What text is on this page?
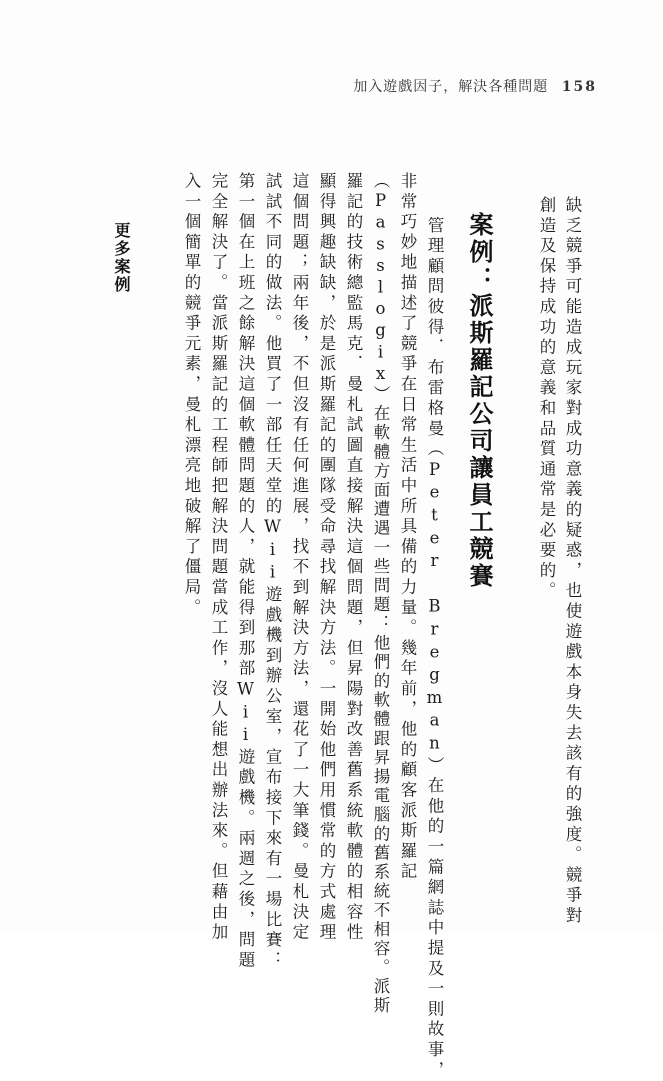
加入遊戲因子，解決各種問題 158
缺乏競爭可能造成玩家對成功意義的疑惑，也使遊戲本身失去該有的強度。競爭對
創造及保持成功的意義和品質通常是必要的。
案例：派斯羅記公司讓員工競賽
　管理顧問彼得．布雷格曼（Peter Bregman）在他的一篇網誌中提及一則故事，
非常巧妙地描述了競爭在日常生活中所具備的力量。幾年前，他的顧客派斯羅記
（Passlogix）在軟體方面遭遇一些問題：他們的軟體跟昇揚電腦的舊系統不相容。派斯
羅記的技術總監馬克．曼札試圖直接解決這個問題，但昇陽對改善舊系統軟體的相容性
顯得興趣缺缺，於是派斯羅記的團隊受命尋找解決方法。一開始他們用慣常的方式處理
這個問題；兩年後，不但沒有任何進展，找不到解決方法，還花了一大筆錢。曼札決定
試試不同的做法。他買了一部任天堂的Wii遊戲機到辦公室，宣布接下來有一場比賽：
第一個在上班之餘解決這個軟體問題的人，就能得到那部Wii遊戲機。兩週之後，問題
完全解決了。當派斯羅記的工程師把解決問題當成工作，沒人能想出辦法來。但藉由加
入一個簡單的競爭元素，曼札漂亮地破解了僵局。
更多案例
